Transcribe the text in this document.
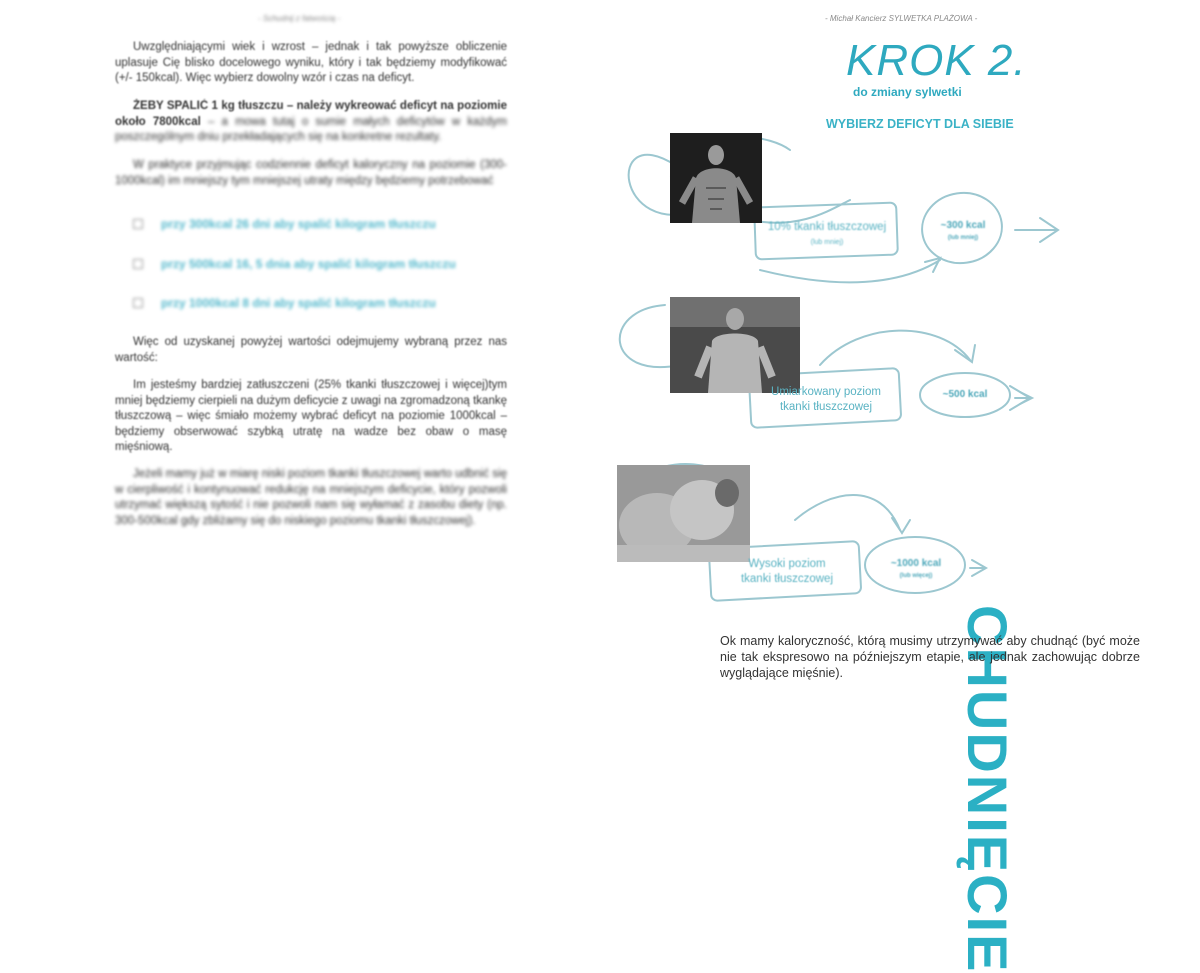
- Schudnij z fatwością -

Uwzględniającymi wiek i wzrost – jednak i tak powyższe obliczenie uplasuje Cię blisko docelowego wyniku, który i tak będziemy modyfikować (+/- 150kcal). Więc wybierz dowolny wzór i czas na deficyt.

ŻEBY SPALIĆ 1 kg tłuszczu – należy wykreować deficyt na poziomie około 7800kcal – a mowa tutaj o sumie małych deficytów w każdym poszczególnym dniu przekładających się na konkretne rezultaty.

W praktyce przyjmując codziennie deficyt kaloryczny na poziomie (300-1000kcal) im mniejszy tym mniejszej utraty między będziemy potrzebować

przy 300kcal 26 dni aby spalić kilogram tłuszczu
przy 500kcal 16, 5 dnia aby spalić kilogram tłuszczu
przy 1000kcal 8 dni aby spalić kilogram tłuszczu

Więc od uzyskanej powyżej wartości odejmujemy wybraną przez nas wartość:

Im jesteśmy bardziej zatłuszczeni (25% tkanki tłuszczowej i więcej)tym mniej będziemy cierpieli na dużym deficycie z uwagi na zgromadzoną tkankę tłuszczową – więc śmiało możemy wybrać deficyt na poziomie 1000kcal – będziemy obserwować szybką utratę na wadze bez obaw o masę mięśniową.

Jeżeli mamy już w miarę niski poziom tkanki tłuszczowej warto udbnić się w cierpliwość i kontynuować redukcję na mniejszym deficycie, który pozwoli utrzymać większą sytość i nie pozwoli nam się wyłamać z zasobu diety (np. 300-500kcal gdy zbliżamy się do niskiego poziomu tkanki tłuszczowej).

- Michał Kancierz SYLWETKA PLAŻOWA -
KROK 2.
do zmiany sylwetki
WYBIERZ DEFICYT DLA SIEBIE
10% tkanki tłuszczowej
(lub mniej)
~300 kcal
(lub mniej)
Umiarkowany poziom
tkanki tłuszczowej
~500 kcal
Wysoki poziom
tkanki tłuszczowej
~1000 kcal
(lub więcej)
CHUDNIĘCIE
Ok mamy kaloryczność, którą musimy utrzymywać aby chudnąć (być może nie tak ekspresowo na późniejszym etapie, ale jednak zachowując dobrze wyglądające mięśnie).
